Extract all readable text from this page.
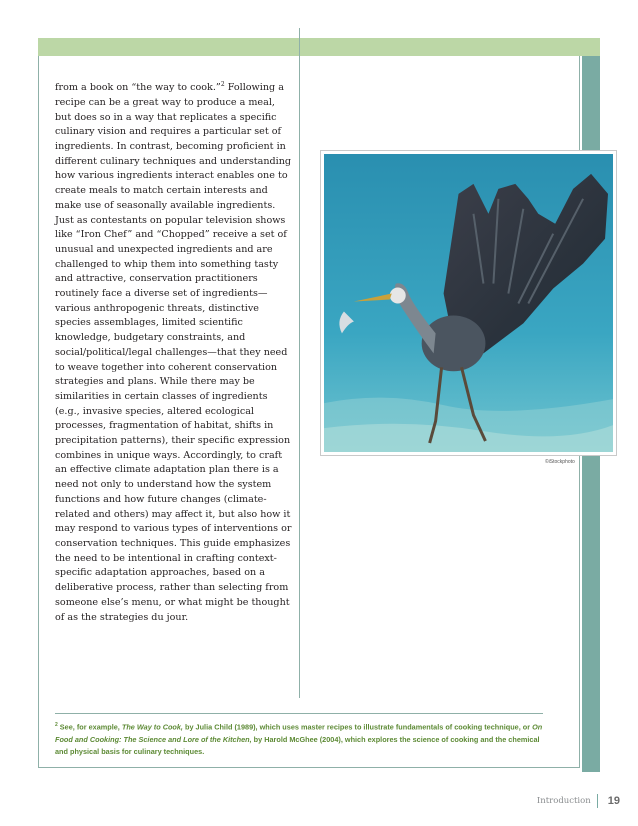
from a book on “the way to cook.”$^2$ Following a recipe can be a great way to produce a meal, but does so in a way that replicates a specific culinary vision and requires a particular set of ingredients. In contrast, becoming proficient in different culinary techniques and understanding how various ingredients interact enables one to create meals to match certain interests and make use of seasonally available ingredients. Just as contestants on popular television shows like “Iron Chef” and “Chopped” receive a set of unusual and unexpected ingredients and are challenged to whip them into something tasty and attractive, conservation practitioners routinely face a diverse set of ingredients—various anthropogenic threats, distinctive species assemblages, limited scientific knowledge, budgetary constraints, and social/political/legal challenges—that they need to weave together into coherent conservation strategies and plans. While there may be similarities in certain classes of ingredients (e.g., invasive species, altered ecological processes, fragmentation of habitat, shifts in precipitation patterns), their specific expression combines in unique ways. Accordingly, to craft an effective climate adaptation plan there is a need not only to understand how the system functions and how future changes (climate-related and others) may affect it, but also how it may respond to various types of interventions or conservation techniques. This guide emphasizes the need to be intentional in crafting context-specific adaptation approaches, based on a deliberative process, rather than selecting from someone else’s menu, or what might be thought of as the strategies du jour.

©iStockphoto

$^2$ See, for example, The Way to Cook, by Julia Child (1989), which uses master recipes to illustrate fundamentals of cooking technique, or On Food and Cooking: The Science and Lore of the Kitchen, by Harold McGhee (2004), which explores the science of cooking and the chemical and physical basis for culinary techniques.

Introduction 19
